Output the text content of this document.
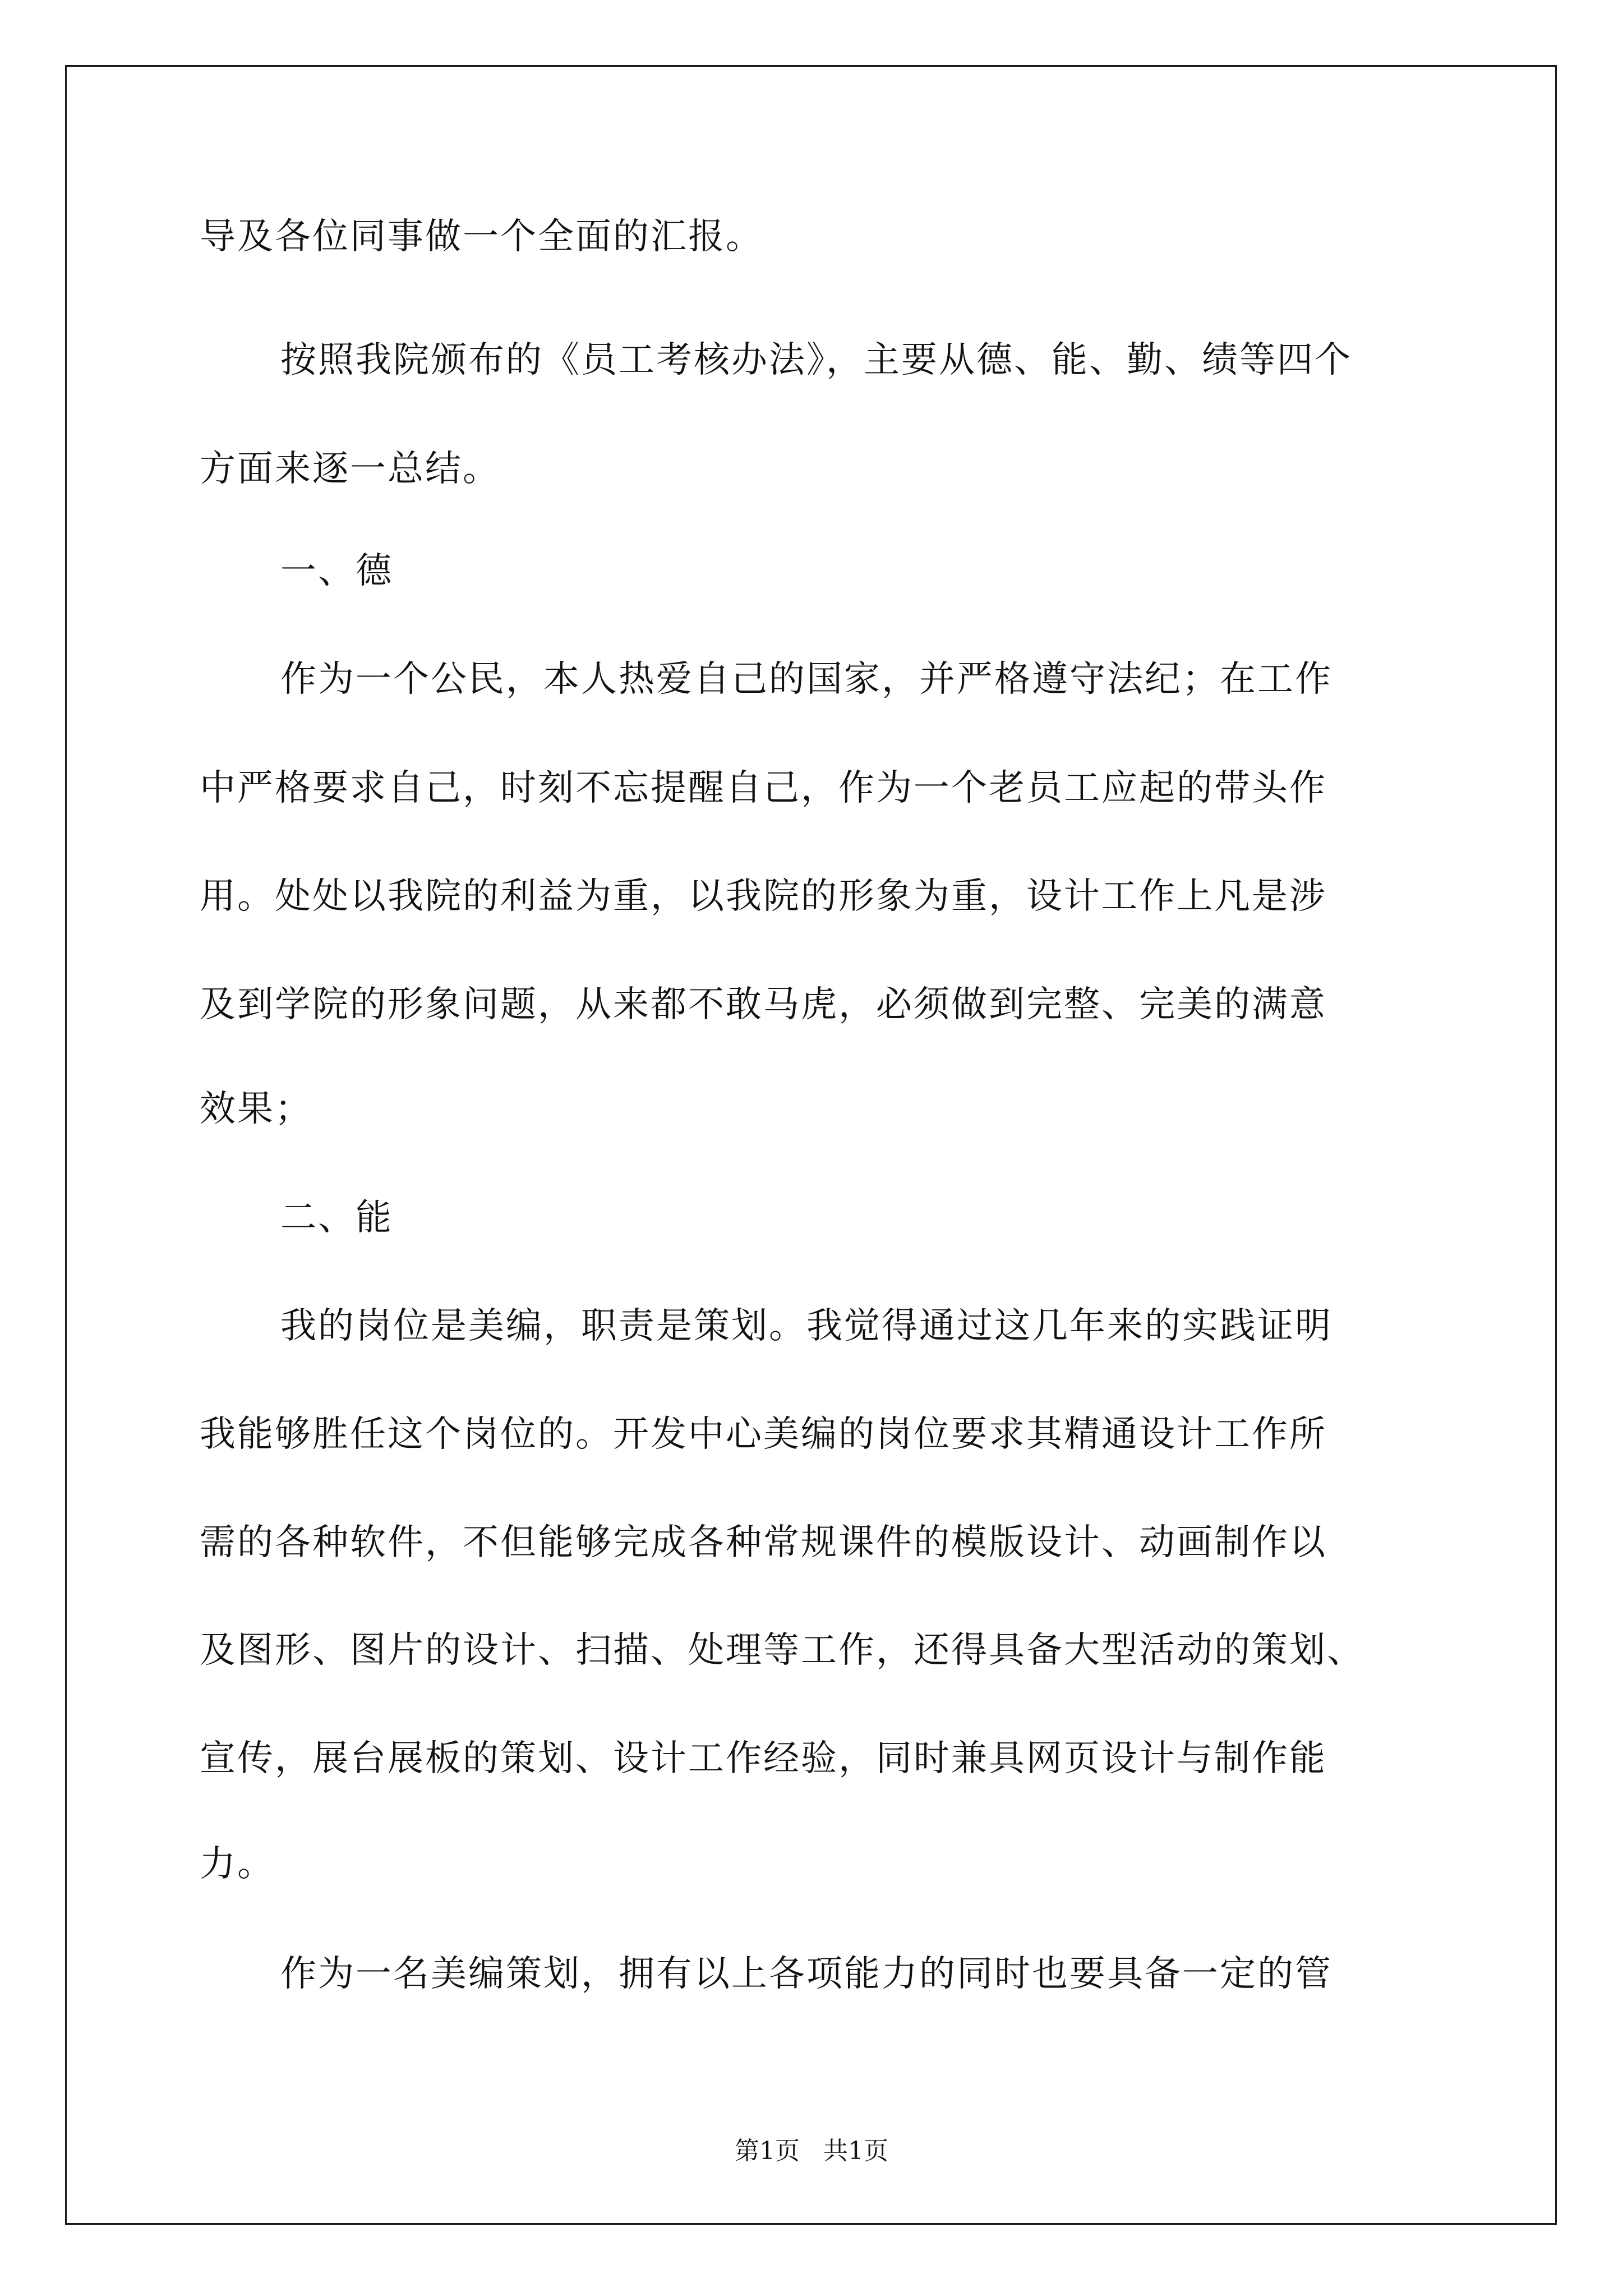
导及各位同事做一个全面的汇报。
按照我院颁布的《员工考核办法》，主要从德、能、勤、绩等四个
方面来逐一总结。
一、德
作为一个公民，本人热爱自己的国家，并严格遵守法纪；在工作
中严格要求自己，时刻不忘提醒自己，作为一个老员工应起的带头作
用。处处以我院的利益为重，以我院的形象为重，设计工作上凡是涉
及到学院的形象问题，从来都不敢马虎，必须做到完整、完美的满意
效果；
二、能
我的岗位是美编，职责是策划。我觉得通过这几年来的实践证明
我能够胜任这个岗位的。开发中心美编的岗位要求其精通设计工作所
需的各种软件，不但能够完成各种常规课件的模版设计、动画制作以
及图形、图片的设计、扫描、处理等工作，还得具备大型活动的策划、
宣传，展台展板的策划、设计工作经验，同时兼具网页设计与制作能
力。
作为一名美编策划，拥有以上各项能力的同时也要具备一定的管
第1页   共1页
